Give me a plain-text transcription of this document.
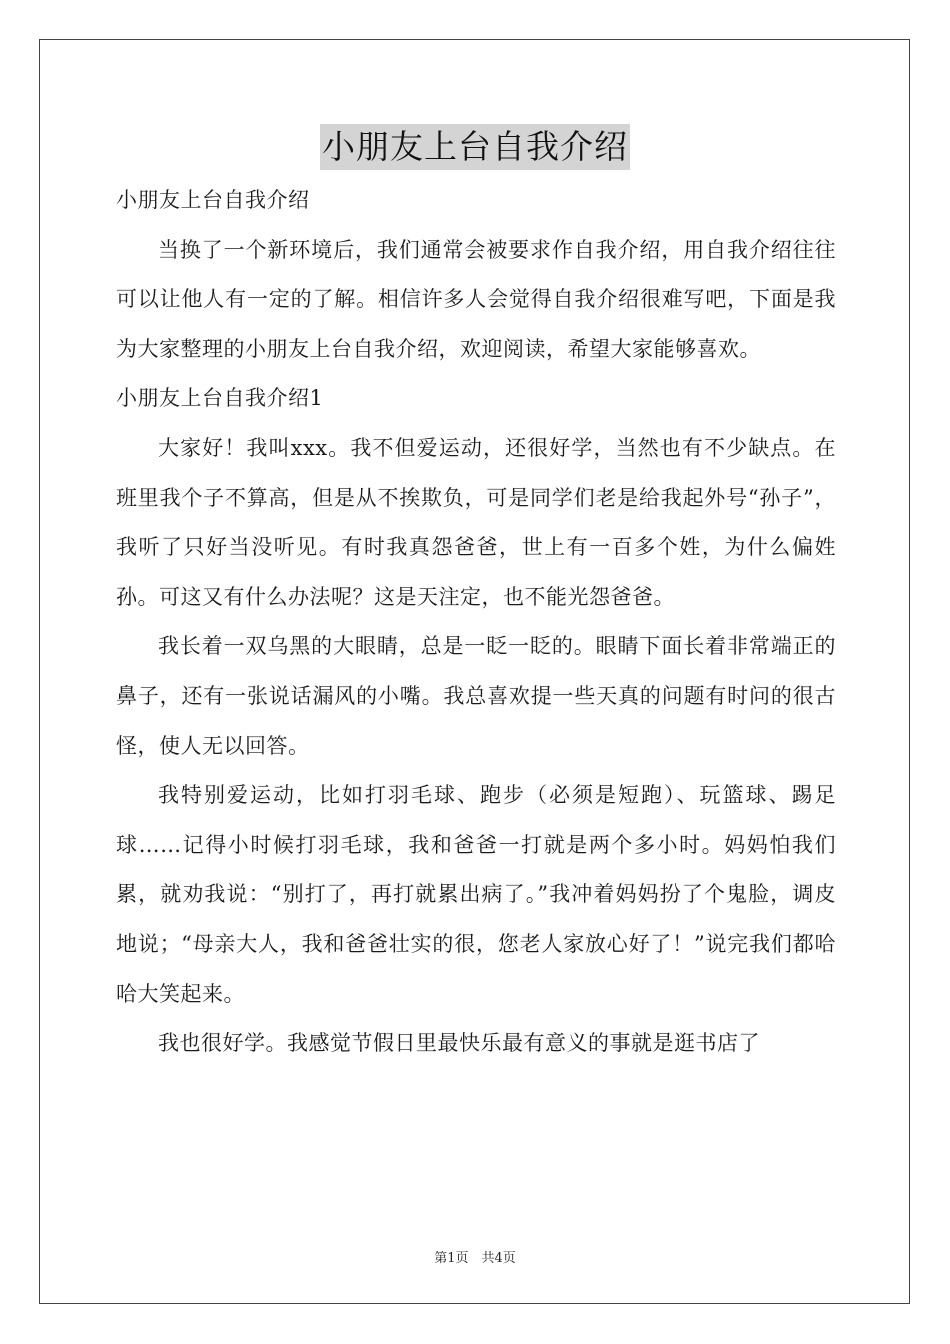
小朋友上台自我介绍

小朋友上台自我介绍

当换了一个新环境后，我们通常会被要求作自我介绍，用自我介绍往往可以让他人有一定的了解。相信许多人会觉得自我介绍很难写吧，下面是我为大家整理的小朋友上台自我介绍，欢迎阅读，希望大家能够喜欢。

小朋友上台自我介绍1

大家好！我叫xxx。我不但爱运动，还很好学，当然也有不少缺点。在班里我个子不算高，但是从不挨欺负，可是同学们老是给我起外号“孙子”，我听了只好当没听见。有时我真怨爸爸，世上有一百多个姓，为什么偏姓孙。可这又有什么办法呢？这是天注定，也不能光怨爸爸。

我长着一双乌黑的大眼睛，总是一眨一眨的。眼睛下面长着非常端正的鼻子，还有一张说话漏风的小嘴。我总喜欢提一些天真的问题有时问的很古怪，使人无以回答。

我特别爱运动，比如打羽毛球、跑步（必须是短跑）、玩篮球、踢足球……记得小时候打羽毛球，我和爸爸一打就是两个多小时。妈妈怕我们累，就劝我说：“别打了，再打就累出病了。”我冲着妈妈扮了个鬼脸，调皮地说；“母亲大人，我和爸爸壮实的很，您老人家放心好了！”说完我们都哈哈大笑起来。

我也很好学。我感觉节假日里最快乐最有意义的事就是逛书店了

第1页　共4页
